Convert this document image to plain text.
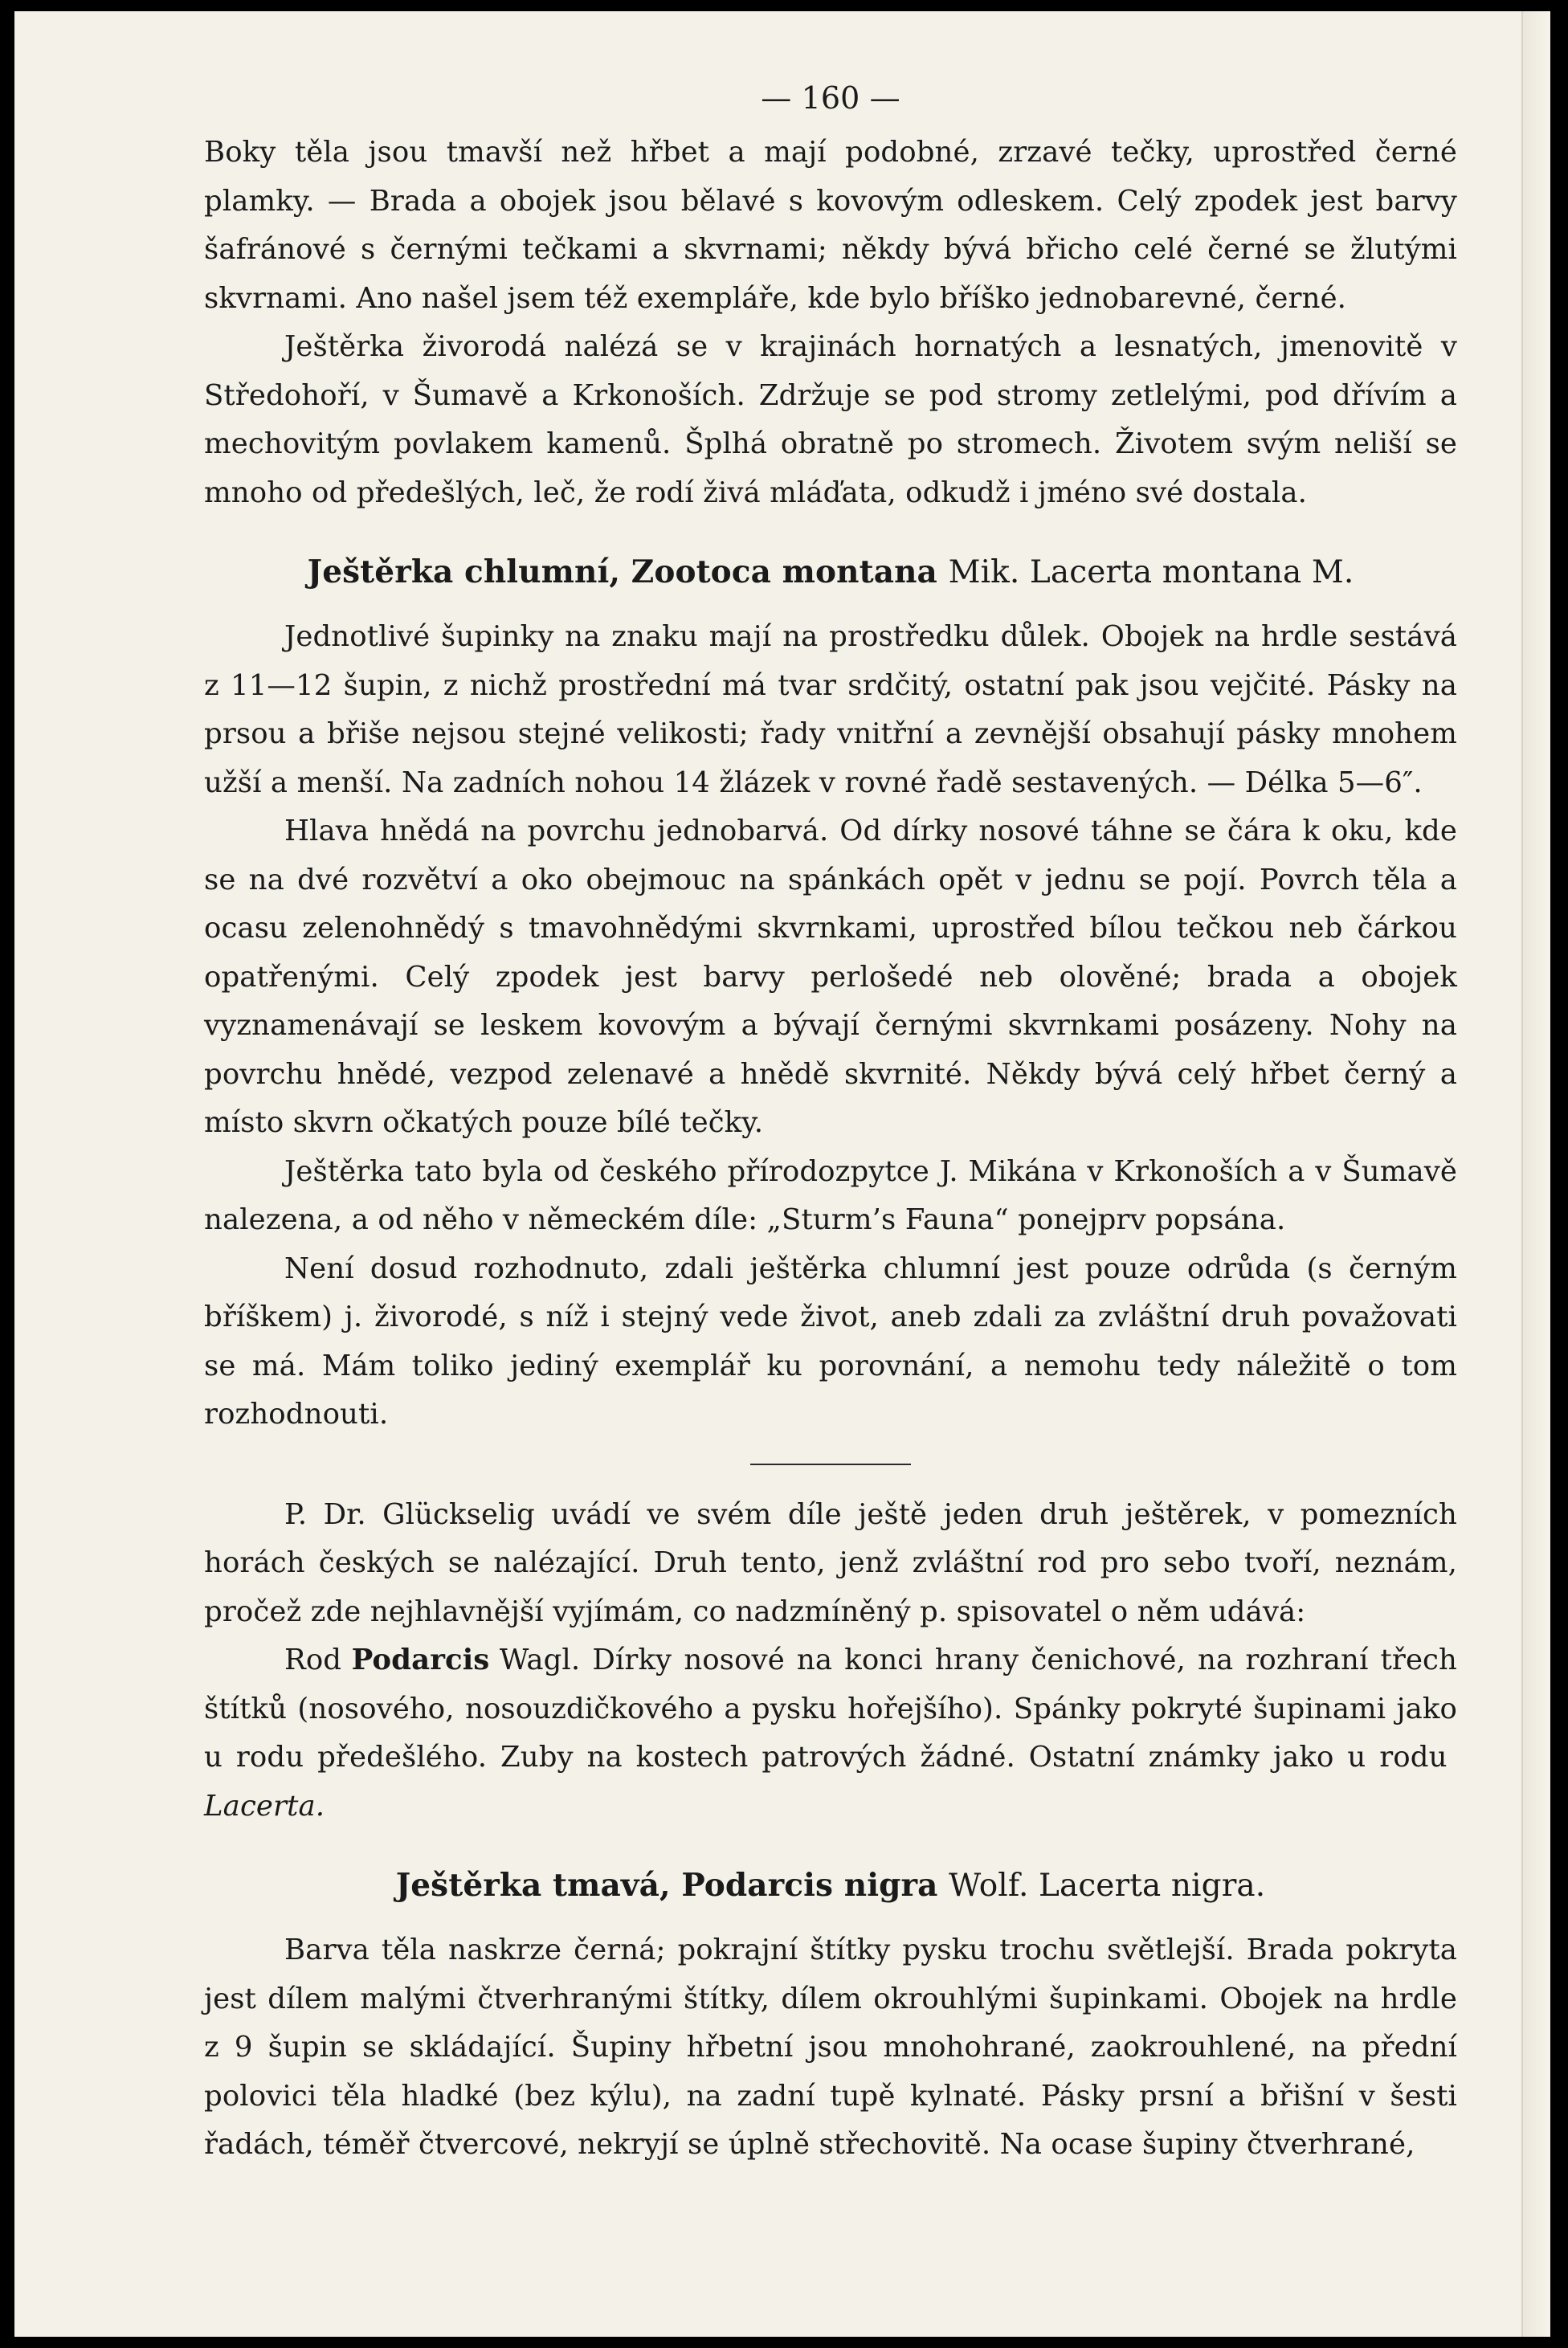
— 160 —

Boky těla jsou tmavší než hřbet a mají podobné, zrzavé tečky, uprostřed černé plamky. — Brada a obojek jsou bělavé s kovovým odleskem. Celý zpodek jest barvy šafránové s černými tečkami a skvrnami; někdy bývá břicho celé černé se žlutými skvrnami. Ano našel jsem též exempláře, kde bylo bříško jednobarevné, černé.

Ještěrka živorodá nalézá se v krajinách hornatých a lesnatých, jmenovitě v Středohoří, v Šumavě a Krkonoších. Zdržuje se pod stromy zetlelými, pod dřívím a mechovitým povlakem kamenů. Šplhá obratně po stromech. Životem svým neliší se mnoho od předešlých, leč, že rodí živá mláďata, odkudž i jméno své dostala.

Ještěrka chlumní, Zootoca montana Mik. Lacerta montana M.

Jednotlivé šupinky na znaku mají na prostředku důlek. Obojek na hrdle sestává z 11—12 šupin, z nichž prostřední má tvar srdčitý, ostatní pak jsou vejčité. Pásky na prsou a břiše nejsou stejné velikosti; řady vnitřní a zevnější obsahují pásky mnohem užší a menší. Na zadních nohou 14 žlázek v rovné řadě sestavených. — Délka 5—6″.

Hlava hnědá na povrchu jednobarvá. Od dírky nosové táhne se čára k oku, kde se na dvé rozvětví a oko obejmouc na spánkách opět v jednu se pojí. Povrch těla a ocasu zelenohnědý s tmavohnědými skvrnkami, uprostřed bílou tečkou neb čárkou opatřenými. Celý zpodek jest barvy perlošedé neb olověné; brada a obojek vyznamenávají se leskem kovovým a bývají černými skvrnkami posázeny. Nohy na povrchu hnědé, vezpod zelenavé a hnědě skvrnité. Někdy bývá celý hřbet černý a místo skvrn očkatých pouze bílé tečky.

Ještěrka tato byla od českého přírodozpytce J. Mikána v Krkonoších a v Šumavě nalezena, a od něho v německém díle: „Sturm’s Fauna“ ponejprv popsána.

Není dosud rozhodnuto, zdali ještěrka chlumní jest pouze odrůda (s černým bříškem) j. živorodé, s níž i stejný vede život, aneb zdali za zvláštní druh považovati se má. Mám toliko jediný exemplář ku porovnání, a nemohu tedy náležitě o tom rozhodnouti.

P. Dr. Glückselig uvádí ve svém díle ještě jeden druh ještěrek, v pomezních horách českých se nalézající. Druh tento, jenž zvláštní rod pro sebo tvoří, neznám, pročež zde nejhlavnější vyjímám, co nadzmíněný p. spisovatel o něm udává:

Rod Podarcis Wagl. Dírky nosové na konci hrany čenichové, na rozhraní třech štítků (nosového, nosouzdičkového a pysku hořejšího). Spánky pokryté šupinami jako u rodu předešlého. Zuby na kostech patrových žádné. Ostatní známky jako u roduLacerta.

Ještěrka tmavá, Podarcis nigra Wolf. Lacerta nigra.

Barva těla naskrze černá; pokrajní štítky pysku trochu světlejší. Brada pokryta jest dílem malými čtverhranými štítky, dílem okrouhlými šupinkami. Obojek na hrdle z 9 šupin se skládající. Šupiny hřbetní jsou mnohohrané, zaokrouhlené, na přední polovici těla hladké (bez kýlu), na zadní tupě kylnaté. Pásky prsní a břišní v šesti řadách, téměř čtvercové, nekryjí se úplně střechovitě. Na ocase šupiny čtverhrané,
